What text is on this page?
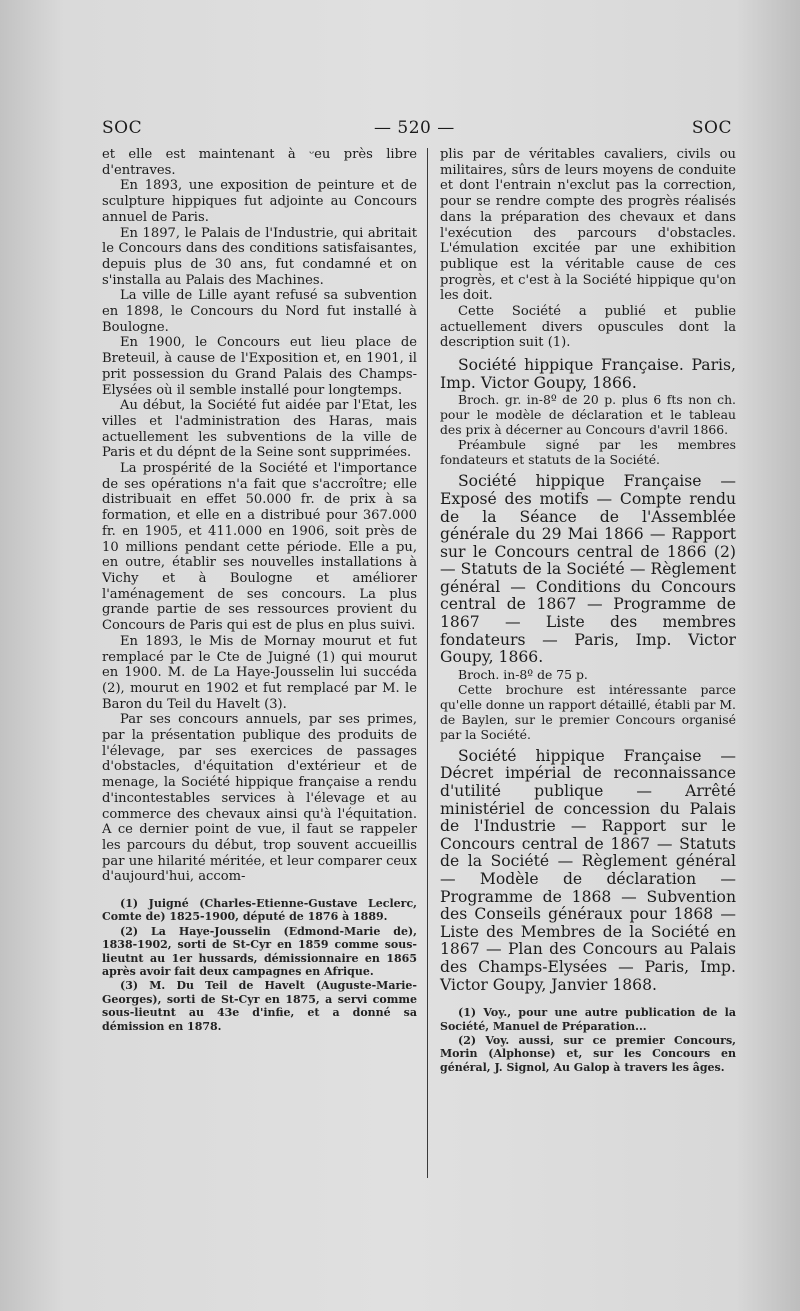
SOC	— 520 —	SOC

et elle est maintenant à ᵕeu près libre d'entraves.

En 1893, une exposition de peinture et de sculpture hippiques fut adjointe au Concours annuel de Paris.

En 1897, le Palais de l'Industrie, qui abritait le Concours dans des conditions satisfaisantes, depuis plus de 30 ans, fut condamné et on s'installa au Palais des Machines.

La ville de Lille ayant refusé sa subvention en 1898, le Concours du Nord fut installé à Boulogne.

En 1900, le Concours eut lieu place de Breteuil, à cause de l'Exposition et, en 1901, il prit possession du Grand Palais des Champs-Elysées où il semble installé pour longtemps.

Au début, la Société fut aidée par l'Etat, les villes et l'administration des Haras, mais actuellement les subventions de la ville de Paris et du dépnt de la Seine sont supprimées.

La prospérité de la Société et l'importance de ses opérations n'a fait que s'accroître; elle distribuait en effet 50.000 fr. de prix à sa formation, et elle en a distribué pour 367.000 fr. en 1905, et 411.000 en 1906, soit près de 10 millions pendant cette période. Elle a pu, en outre, établir ses nouvelles installations à Vichy et à Boulogne et améliorer l'aménagement de ses concours. La plus grande partie de ses ressources provient du Concours de Paris qui est de plus en plus suivi.

En 1893, le Mis de Mornay mourut et fut remplacé par le Cte de Juigné (1) qui mourut en 1900. M. de La Haye-Jousselin lui succéda (2), mourut en 1902 et fut remplacé par M. le Baron du Teil du Havelt (3).

Par ses concours annuels, par ses primes, par la présentation publique des produits de l'élevage, par ses exercices de passages d'obstacles, d'équitation d'extérieur et de menage, la Société hippique française a rendu d'incontestables services à l'élevage et au commerce des chevaux ainsi qu'à l'équitation. A ce dernier point de vue, il faut se rappeler les parcours du début, trop souvent accueillis par une hilarité méritée, et leur comparer ceux d'aujourd'hui, accom-

(1) Juigné (Charles-Etienne-Gustave Leclerc, Comte de) 1825-1900, député de 1876 à 1889.

(2) La Haye-Jousselin (Edmond-Marie de), 1838-1902, sorti de St-Cyr en 1859 comme sous-lieutnt au 1er hussards, démissionnaire en 1865 après avoir fait deux campagnes en Afrique.

(3) M. Du Teil de Havelt (Auguste-Marie-Georges), sorti de St-Cyr en 1875, a servi comme sous-lieutnt au 43e d'infie, et a donné sa démission en 1878.

plis par de véritables cavaliers, civils ou militaires, sûrs de leurs moyens de conduite et dont l'entrain n'exclut pas la correction, pour se rendre compte des progrès réalisés dans la préparation des chevaux et dans l'exécution des parcours d'obstacles. L'émulation excitée par une exhibition publique est la véritable cause de ces progrès, et c'est à la Société hippique qu'on les doit.

Cette Société a publié et publie actuellement divers opuscules dont la description suit (1).

Société hippique Française. Paris, Imp. Victor Goupy, 1866.

Broch. gr. in-8º de 20 p. plus 6 fts non ch. pour le modèle de déclaration et le tableau des prix à décerner au Concours d'avril 1866.

Préambule signé par les membres fondateurs et statuts de la Société.

Société hippique Française — Exposé des motifs — Compte rendu de la Séance de l'Assemblée générale du 29 Mai 1866 — Rapport sur le Concours central de 1866 (2) — Statuts de la Société — Règlement général — Conditions du Concours central de 1867 — Programme de 1867 — Liste des membres fondateurs — Paris, Imp. Victor Goupy, 1866.

Broch. in-8º de 75 p.

Cette brochure est intéressante parce qu'elle donne un rapport détaillé, établi par M. de Baylen, sur le premier Concours organisé par la Société.

Société hippique Française — Décret impérial de reconnaissance d'utilité publique — Arrêté ministériel de concession du Palais de l'Industrie — Rapport sur le Concours central de 1867 — Statuts de la Société — Règlement général — Modèle de déclaration — Programme de 1868 — Subvention des Conseils généraux pour 1868 — Liste des Membres de la Société en 1867 — Plan des Concours au Palais des Champs-Elysées — Paris, Imp. Victor Goupy, Janvier 1868.

(1) Voy., pour une autre publication de la Société, Manuel de Préparation...

(2) Voy. aussi, sur ce premier Concours, Morin (Alphonse) et, sur les Concours en général, J. Signol, Au Galop à travers les âges.
